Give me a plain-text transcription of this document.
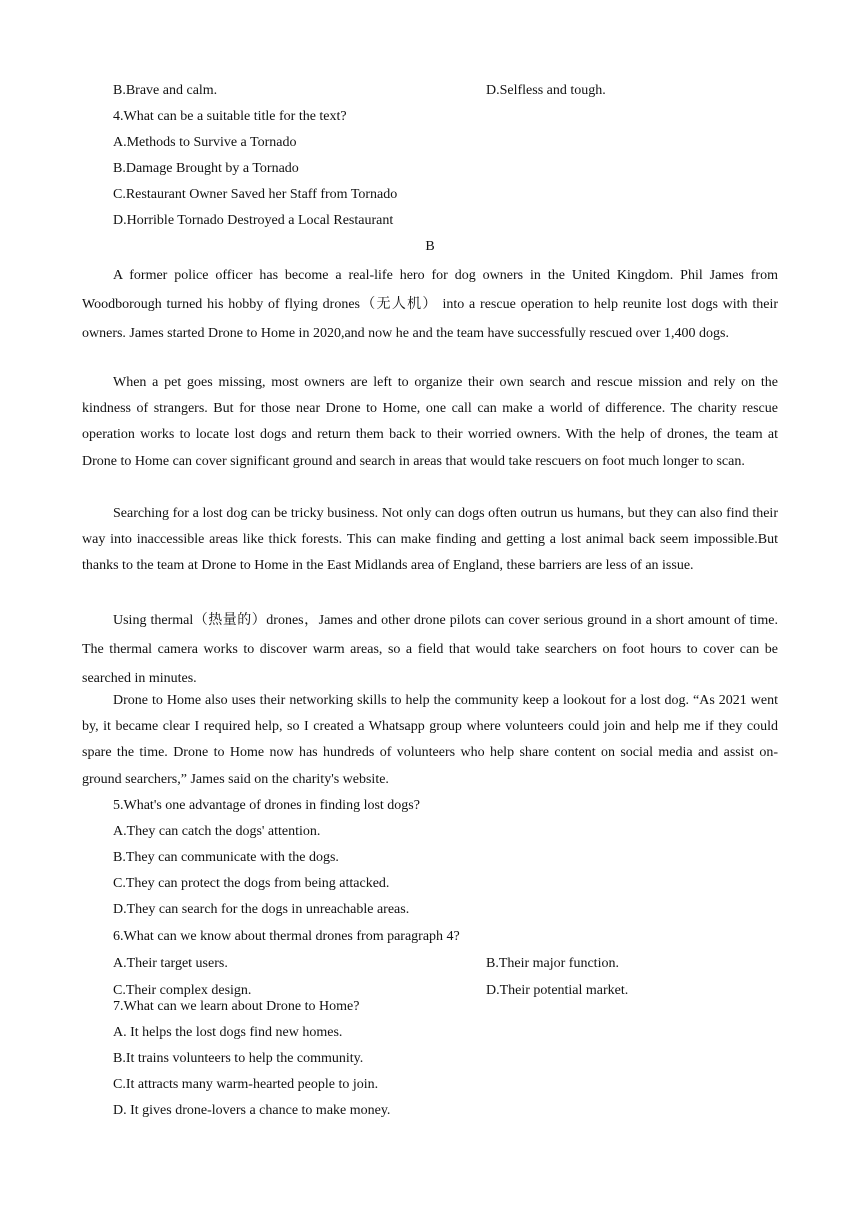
B.Brave and calm.	D.Selfless and tough.
4.What can be a suitable title for the text?
A.Methods to Survive a Tornado
B.Damage Brought by a Tornado
C.Restaurant Owner Saved her Staff from Tornado
D.Horrible Tornado Destroyed a Local Restaurant
B

A former police officer has become a real-life hero for dog owners in the United Kingdom. Phil James from Woodborough turned his hobby of flying drones（无人机） into a rescue operation to help reunite lost dogs with their owners. James started Drone to Home in 2020,and now he and the team have successfully rescued over 1,400 dogs.

When a pet goes missing, most owners are left to organize their own search and rescue mission and rely on the kindness of strangers. But for those near Drone to Home, one call can make a world of difference. The charity rescue operation works to locate lost dogs and return them back to their worried owners. With the help of drones, the team at Drone to Home can cover significant ground and search in areas that would take rescuers on foot much longer to scan.

Searching for a lost dog can be tricky business. Not only can dogs often outrun us humans, but they can also find their way into inaccessible areas like thick forests. This can make finding and getting a lost animal back seem impossible.But thanks to the team at Drone to Home in the East Midlands area of England, these barriers are less of an issue.

Using thermal（热量的）drones，James and other drone pilots can cover serious ground in a short amount of time. The thermal camera works to discover warm areas, so a field that would take searchers on foot hours to cover can be searched in minutes.

Drone to Home also uses their networking skills to help the community keep a lookout for a lost dog. “As 2021 went by, it became clear I required help, so I created a Whatsapp group where volunteers could join and help me if they could spare the time. Drone to Home now has hundreds of volunteers who help share content on social media and assist on-ground searchers,” James said on the charity's website.

5.What's one advantage of drones in finding lost dogs?
A.They can catch the dogs' attention.
B.They can communicate with the dogs.
C.They can protect the dogs from being attacked.
D.They can search for the dogs in unreachable areas.
6.What can we know about thermal drones from paragraph 4?
A.Their target users.	B.Their major function.
C.Their complex design.	D.Their potential market.
7.What can we learn about Drone to Home?
A. It helps the lost dogs find new homes.
B.It trains volunteers to help the community.
C.It attracts many warm-hearted people to join.
D. It gives drone-lovers a chance to make money.
